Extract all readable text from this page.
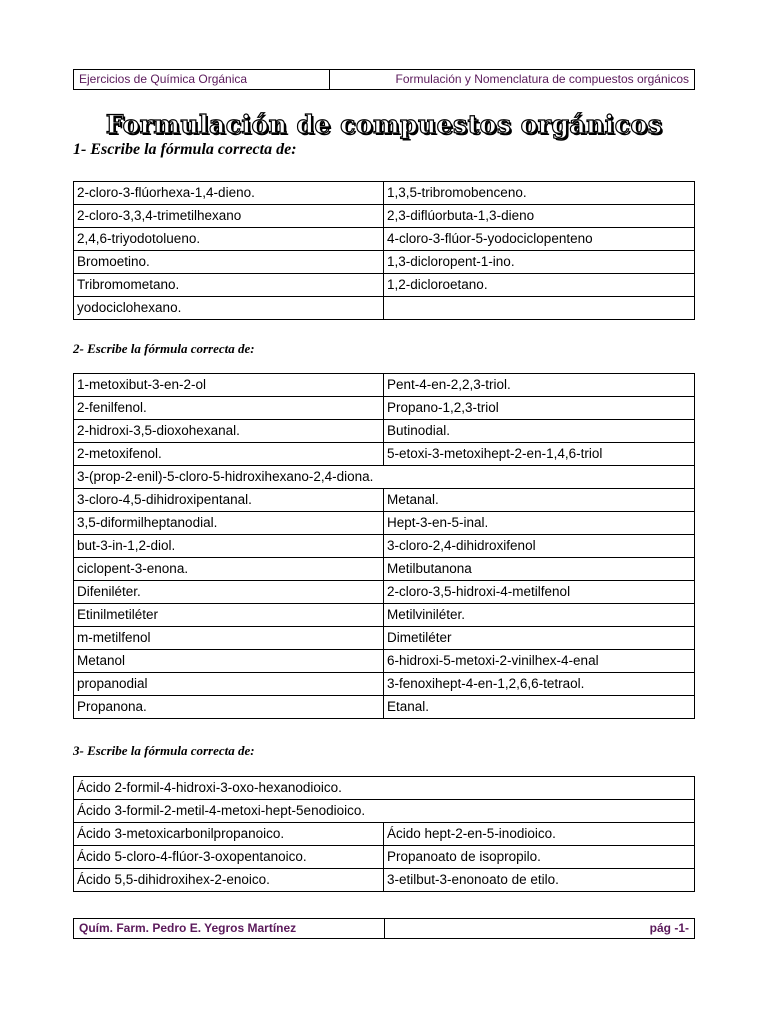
Ejercicios de Química Orgánica	Formulación y Nomenclatura de compuestos orgánicos
Formulación de compuestos orgánicos
1- Escribe la fórmula correcta de:
2-cloro-3-flúorhexa-1,4-dieno.	1,3,5-tribromobenceno.
2-cloro-3,3,4-trimetilhexano	2,3-diflúorbuta-1,3-dieno
2,4,6-triyodotolueno.	4-cloro-3-flúor-5-yodociclopenteno
Bromoetino.	1,3-dicloropent-1-ino.
Tribromometano.	1,2-dicloroetano.
yodociclohexano.	
2- Escribe la fórmula correcta de:
1-metoxibut-3-en-2-ol	Pent-4-en-2,2,3-triol.
2-fenilfenol.	Propano-1,2,3-triol
2-hidroxi-3,5-dioxohexanal.	Butinodial.
2-metoxifenol.	5-etoxi-3-metoxihept-2-en-1,4,6-triol
3-(prop-2-enil)-5-cloro-5-hidroxihexano-2,4-diona.	
3-cloro-4,5-dihidroxipentanal.	Metanal.
3,5-diformilheptanodial.	Hept-3-en-5-inal.
but-3-in-1,2-diol.	3-cloro-2,4-dihidroxifenol
ciclopent-3-enona.	Metilbutanona
Difeniléter.	2-cloro-3,5-hidroxi-4-metilfenol
Etinilmetiléter	Metilviniléter.
m-metilfenol	Dimetiléter
Metanol	6-hidroxi-5-metoxi-2-vinilhex-4-enal
propanodial	3-fenoxihept-4-en-1,2,6,6-tetraol.
Propanona.	Etanal.
3- Escribe la fórmula correcta de:
Ácido 2-formil-4-hidroxi-3-oxo-hexanodioico.	
Ácido 3-formil-2-metil-4-metoxi-hept-5enodioico.	
Ácido 3-metoxicarbonilpropanoico.	Ácido hept-2-en-5-inodioico.
Ácido 5-cloro-4-flúor-3-oxopentanoico.	Propanoato de isopropilo.
Ácido 5,5-dihidroxihex-2-enoico.	3-etilbut-3-enonoato de etilo.
Quím. Farm. Pedro E. Yegros Martínez	pág -1-
